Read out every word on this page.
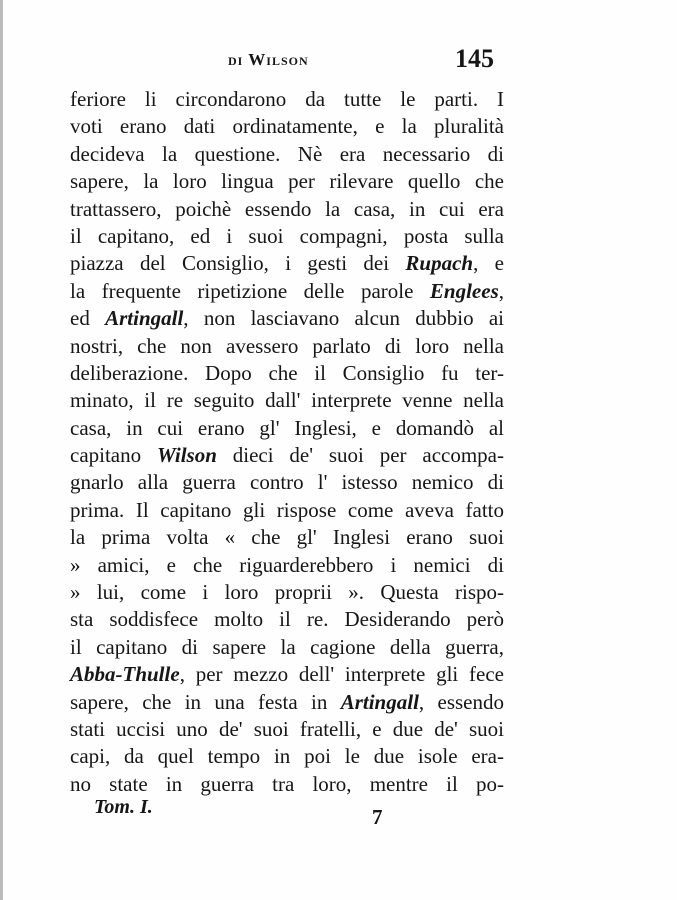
di Wilson	145
feriore li circondarono da tutte le parti. I
voti erano dati ordinatamente, e la pluralità
decideva la questione. Nè era necessario di
sapere, la loro lingua per rilevare quello che
trattassero, poichè essendo la casa, in cui era
il capitano, ed i suoi compagni, posta sulla
piazza del Consiglio, i gesti dei Rupach, e
la frequente ripetizione delle parole Englees,
ed Artingall, non lasciavano alcun dubbio ai
nostri, che non avessero parlato di loro nella
deliberazione. Dopo che il Consiglio fu ter-
minato, il re seguito dall' interprete venne nella
casa, in cui erano gl' Inglesi, e domandò al
capitano Wilson dieci de' suoi per accompa-
gnarlo alla guerra contro l' istesso nemico di
prima. Il capitano gli rispose come aveva fatto
la prima volta « che gl' Inglesi erano suoi
» amici, e che riguarderebbero i nemici di
» lui, come i loro proprii ». Questa rispo-
sta soddisfece molto il re. Desiderando però
il capitano di sapere la cagione della guerra,
Abba-Thulle, per mezzo dell' interprete gli fece
sapere, che in una festa in Artingall, essendo
stati uccisi uno de' suoi fratelli, e due de' suoi
capi, da quel tempo in poi le due isole era-
no state in guerra tra loro, mentre il po-
Tom. I.	7
